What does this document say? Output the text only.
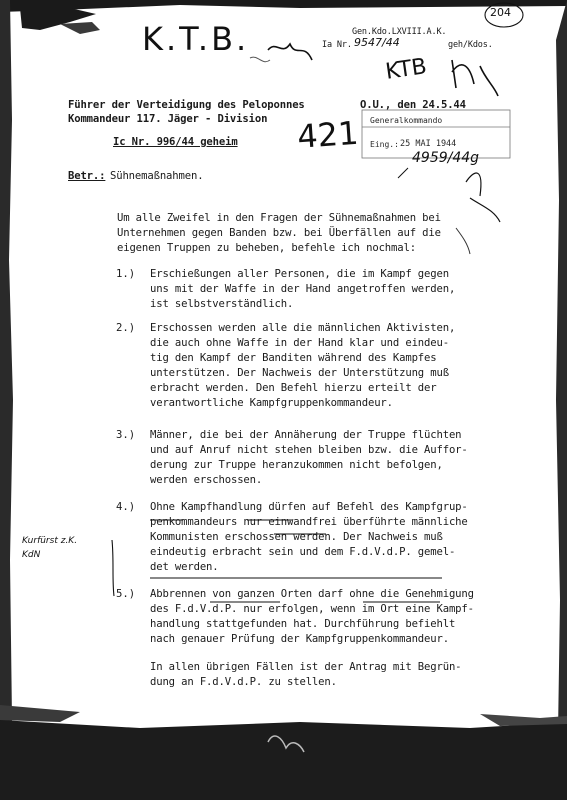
Gen.Kdo.LXVIII.A.K.
Ia Nr. 9547/44	geh/Kdos.
Führer der Verteidigung des Peloponnes
Kommandeur 117. Jäger - Division
O.U., den 24.5.44
Ic Nr. 996/44 geheim
Generalkommando
Eing.: 25 MAI 1944
4959/44g
K.T.B.
KTB
421
204
Kurfürst z.K. KdN
Betr.: Sühnemaßnahmen.
Um alle Zweifel in den Fragen der Sühnemaßnahmen bei
Unternehmen gegen Banden bzw. bei Überfällen auf die
eigenen Truppen zu beheben, befehle ich nochmal:
1.) Erschießungen aller Personen, die im Kampf gegen
uns mit der Waffe in der Hand angetroffen werden,
ist selbstverständlich.
2.) Erschossen werden alle die männlichen Aktivisten,
die auch ohne Waffe in der Hand klar und eindeu-
tig den Kampf der Banditen während des Kampfes
unterstützen. Der Nachweis der Unterstützung muß
erbracht werden. Den Befehl hierzu erteilt der
verantwortliche Kampfgruppenkommandeur.
3.) Männer, die bei der Annäherung der Truppe flüchten
und auf Anruf nicht stehen bleiben bzw. die Auffor-
derung zur Truppe heranzukommen nicht befolgen,
werden erschossen.
4.) Ohne Kampfhandlung dürfen auf Befehl des Kampfgrup-
penkommandeurs nur einwandfrei überführte männliche
Kommunisten erschossen werden. Der Nachweis muß
eindeutig erbracht sein und dem F.d.V.d.P. gemel-
det werden.
5.) Abbrennen von ganzen Orten darf ohne die Genehmigung
des F.d.V.d.P. nur erfolgen, wenn im Ort eine Kampf-
handlung stattgefunden hat. Durchführung befiehlt
nach genauer Prüfung der Kampfgruppenkommandeur.
In allen übrigen Fällen ist der Antrag mit Begrün-
dung an F.d.V.d.P. zu stellen.
